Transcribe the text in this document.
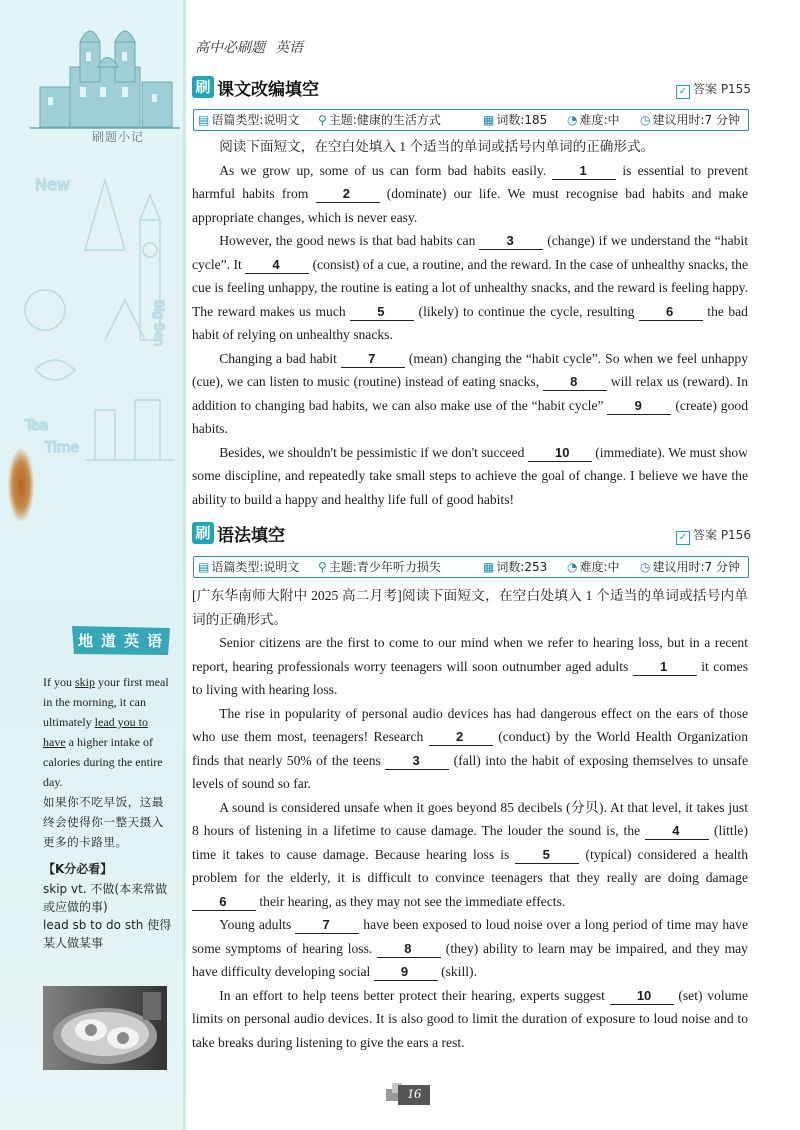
刷题小记
New
Tea
Time
Big Ben
地道英语

If you skip your first meal in the morning, it can ultimately lead you to have a higher intake of calories during the entire day.

如果你不吃早饭，这最终会使得你一整天摄入更多的卡路里。

【K分必看】

skip vt. 不做(本来常做或应做的事)

lead sb to do sth 使得某人做某事

高中必刷题 英语
刷 课文改编填空	✓ 答案 P155
▤ 语篇类型:说明文 ⚲ 主题:健康的生活方式	▦ 词数:185 ◔ 难度:中 ◷ 建议用时:7 分钟

阅读下面短文，在空白处填入 1 个适当的单词或括号内单词的正确形式。

As we grow up, some of us can form bad habits easily. 1 is essential to prevent harmful habits from 2 (dominate) our life. We must recognise bad habits and make appropriate changes, which is never easy.

However, the good news is that bad habits can 3 (change) if we understand the “habit cycle”. It 4 (consist) of a cue, a routine, and the reward. In the case of unhealthy snacks, the cue is feeling unhappy, the routine is eating a lot of unhealthy snacks, and the reward is feeling happy. The reward makes us much 5 (likely) to continue the cycle, resulting 6 the bad habit of relying on unhealthy snacks.

Changing a bad habit 7 (mean) changing the “habit cycle”. So when we feel unhappy (cue), we can listen to music (routine) instead of eating snacks, 8 will relax us (reward). In addition to changing bad habits, we can also make use of the “habit cycle” 9 (create) good habits.

Besides, we shouldn't be pessimistic if we don't succeed 10 (immediate). We must show some discipline, and repeatedly take small steps to achieve the goal of change. I believe we have the ability to build a happy and healthy life full of good habits!

刷 语法填空	✓ 答案 P156
▤ 语篇类型:说明文 ⚲ 主题:青少年听力损失	▦ 词数:253 ◔ 难度:中 ◷ 建议用时:7 分钟

[广东华南师大附中 2025 高二月考]阅读下面短文，在空白处填入 1 个适当的单词或括号内单词的正确形式。

Senior citizens are the first to come to our mind when we refer to hearing loss, but in a recent report, hearing professionals worry teenagers will soon outnumber aged adults 1 it comes to living with hearing loss.

The rise in popularity of personal audio devices has had dangerous effect on the ears of those who use them most, teenagers! Research 2 (conduct) by the World Health Organization finds that nearly 50% of the teens 3 (fall) into the habit of exposing themselves to unsafe levels of sound so far.

A sound is considered unsafe when it goes beyond 85 decibels (分贝). At that level, it takes just 8 hours of listening in a lifetime to cause damage. The louder the sound is, the 4 (little) time it takes to cause damage. Because hearing loss is 5 (typical) considered a health problem for the elderly, it is difficult to convince teenagers that they really are doing damage 6 their hearing, as they may not see the immediate effects.

Young adults 7 have been exposed to loud noise over a long period of time may have some symptoms of hearing loss. 8 (they) ability to learn may be impaired, and they may have difficulty developing social 9 (skill).

In an effort to help teens better protect their hearing, experts suggest 10 (set) volume limits on personal audio devices. It is also good to limit the duration of exposure to loud noise and to take breaks during listening to give the ears a rest.

16
